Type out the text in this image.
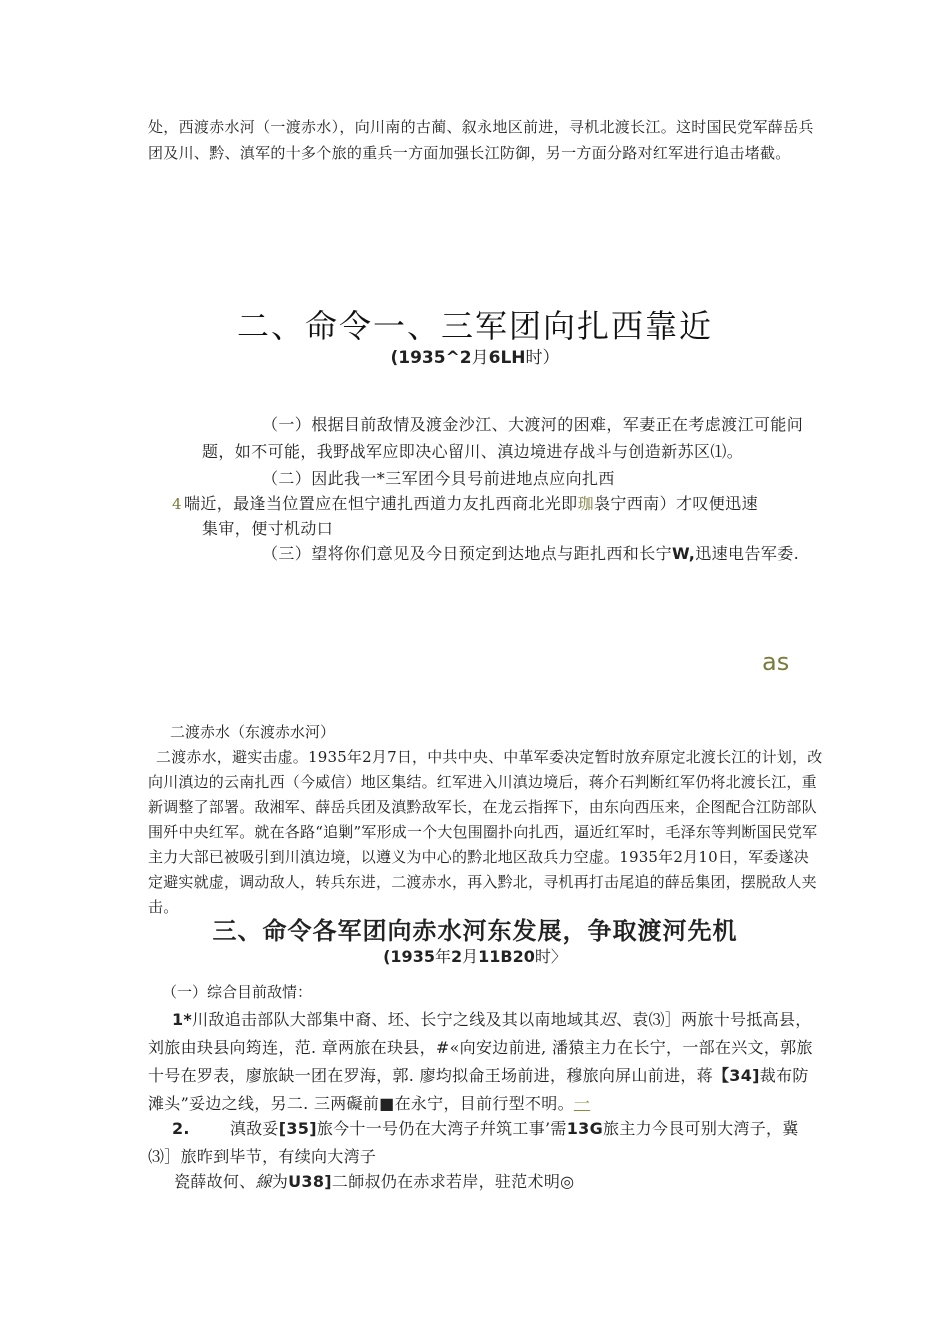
处，西渡赤水河（一渡赤水），向川南的古蔺、叙永地区前进，寻机北渡长江。这时国民党军薛岳兵团及川、黔、滇军的十多个旅的重兵一方面加强长江防御，另一方面分路对红军进行追击堵截。

二、命令一、三军团向扎西靠近
(1935^2月6LH时）

（一）根据目前敌情及渡金沙江、大渡河的困难，军妻正在考虑渡江可能问题，如不可能，我野战军应即决心留川、滇边境进存战斗与创造新苏区⑴。

（二）因此我一*三军团今貝号前进地点应向扎西

4 喘近，最逢当位置应在怛宁逋扎西道力友扎西商北光即珈袅宁西南）才叹便迅速

集审，便寸机动口

（三）望将你们意见及今日预定到达地点与距扎西和长宁W,迅速电告军委.

as
二渡赤水（东渡赤水河）

二渡赤水，避实击虚。1935年2月7日，中共中央、中革军委决定暂时放弃原定北渡长江的计划，改向川滇边的云南扎西（今威信）地区集结。红军进入川滇边境后，蒋介石判断红军仍将北渡长江，重新调整了部署。敌湘军、薛岳兵团及滇黔敌军长，在龙云指挥下，由东向西压来，企图配合江防部队围歼中央红军。就在各路“追剿”军形成一个大包围圈扑向扎西，逼近红军时，毛泽东等判断国民党军主力大部已被吸引到川滇边境，以遵义为中心的黔北地区敌兵力空虚。1935年2月10日，军委遂决定避实就虚，调动敌人，转兵东进，二渡赤水，再入黔北，寻机再打击尾追的薛岳集团，摆脱敌人夹击。

三、命令各军团向赤水河东发展，争取渡河先机
(1935年2月11B20时〉
（一）综合目前敌情：

1*川敌追击部队大部集中裔、坯、长宁之线及其以南地域其迟、袁⑶］两旅十号抵高县，刘旅由玦县向筠连，范. 章两旅在玦县，#«向安边前进, 潘猿主力在长宁，一部在兴文，郭旅十号在罗表，廖旅缺一团在罗海，郭. 廖均拟侖王场前进，穆旅向屏山前进，蒋【34]裁布防滩头”妥边之线，另二. 三两礙前■在永宁，目前行型不明。一

2.	滇敌妥[35]旅今十一号仍在大湾子幷筑工事’需13G旅主力今艮可别大湾子，冀⑶］旅昨到毕节，有续向大湾子

瓷薛故何、線为U38]二師叔仍在赤求若岸，驻范术明◎
